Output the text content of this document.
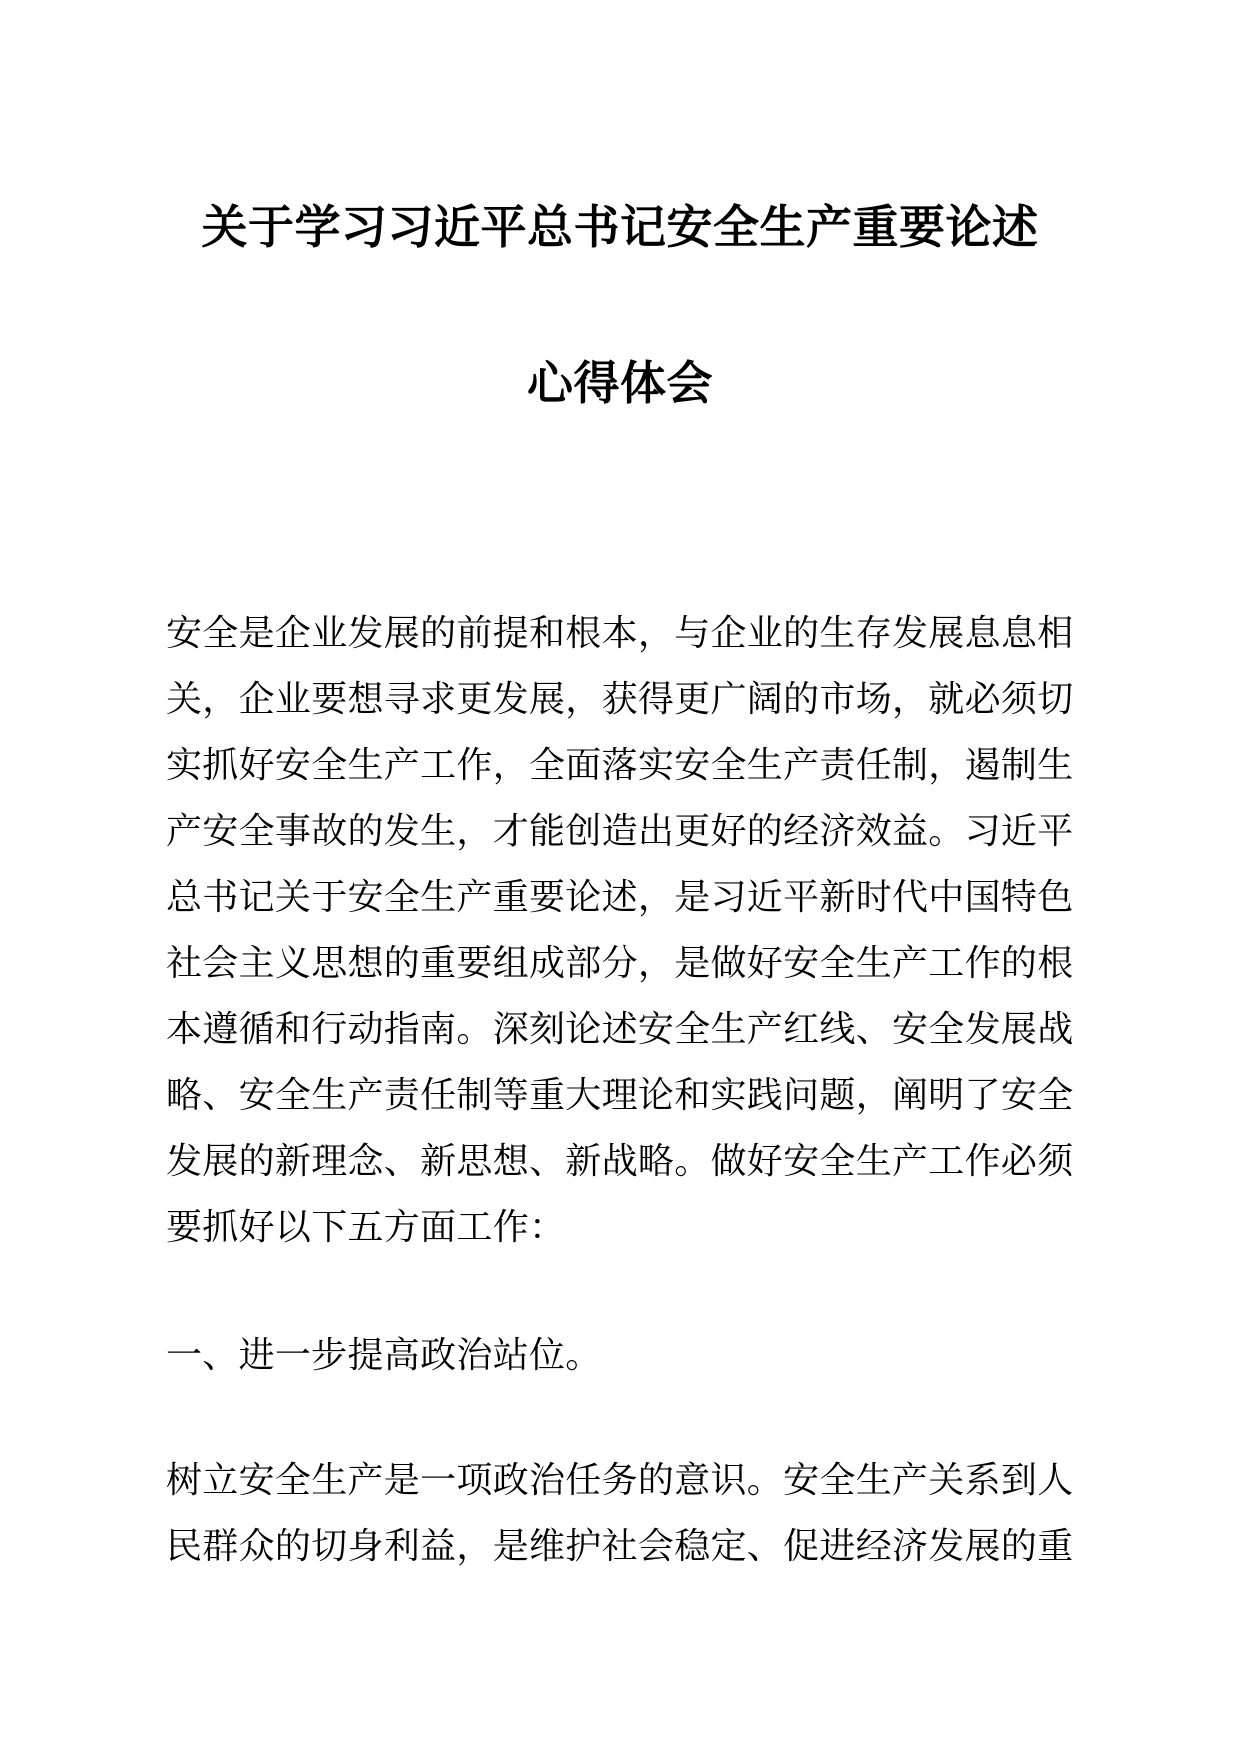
关于学习习近平总书记安全生产重要论述
心得体会
安全是企业发展的前提和根本，与企业的生存发展息息相
关，企业要想寻求更发展，获得更广阔的市场，就必须切
实抓好安全生产工作，全面落实安全生产责任制，遏制生
产安全事故的发生，才能创造出更好的经济效益。习近平
总书记关于安全生产重要论述，是习近平新时代中国特色
社会主义思想的重要组成部分，是做好安全生产工作的根
本遵循和行动指南。深刻论述安全生产红线、安全发展战
略、安全生产责任制等重大理论和实践问题，阐明了安全
发展的新理念、新思想、新战略。做好安全生产工作必须
要抓好以下五方面工作：
一、进一步提高政治站位。
树立安全生产是一项政治任务的意识。安全生产关系到人
民群众的切身利益，是维护社会稳定、促进经济发展的重
